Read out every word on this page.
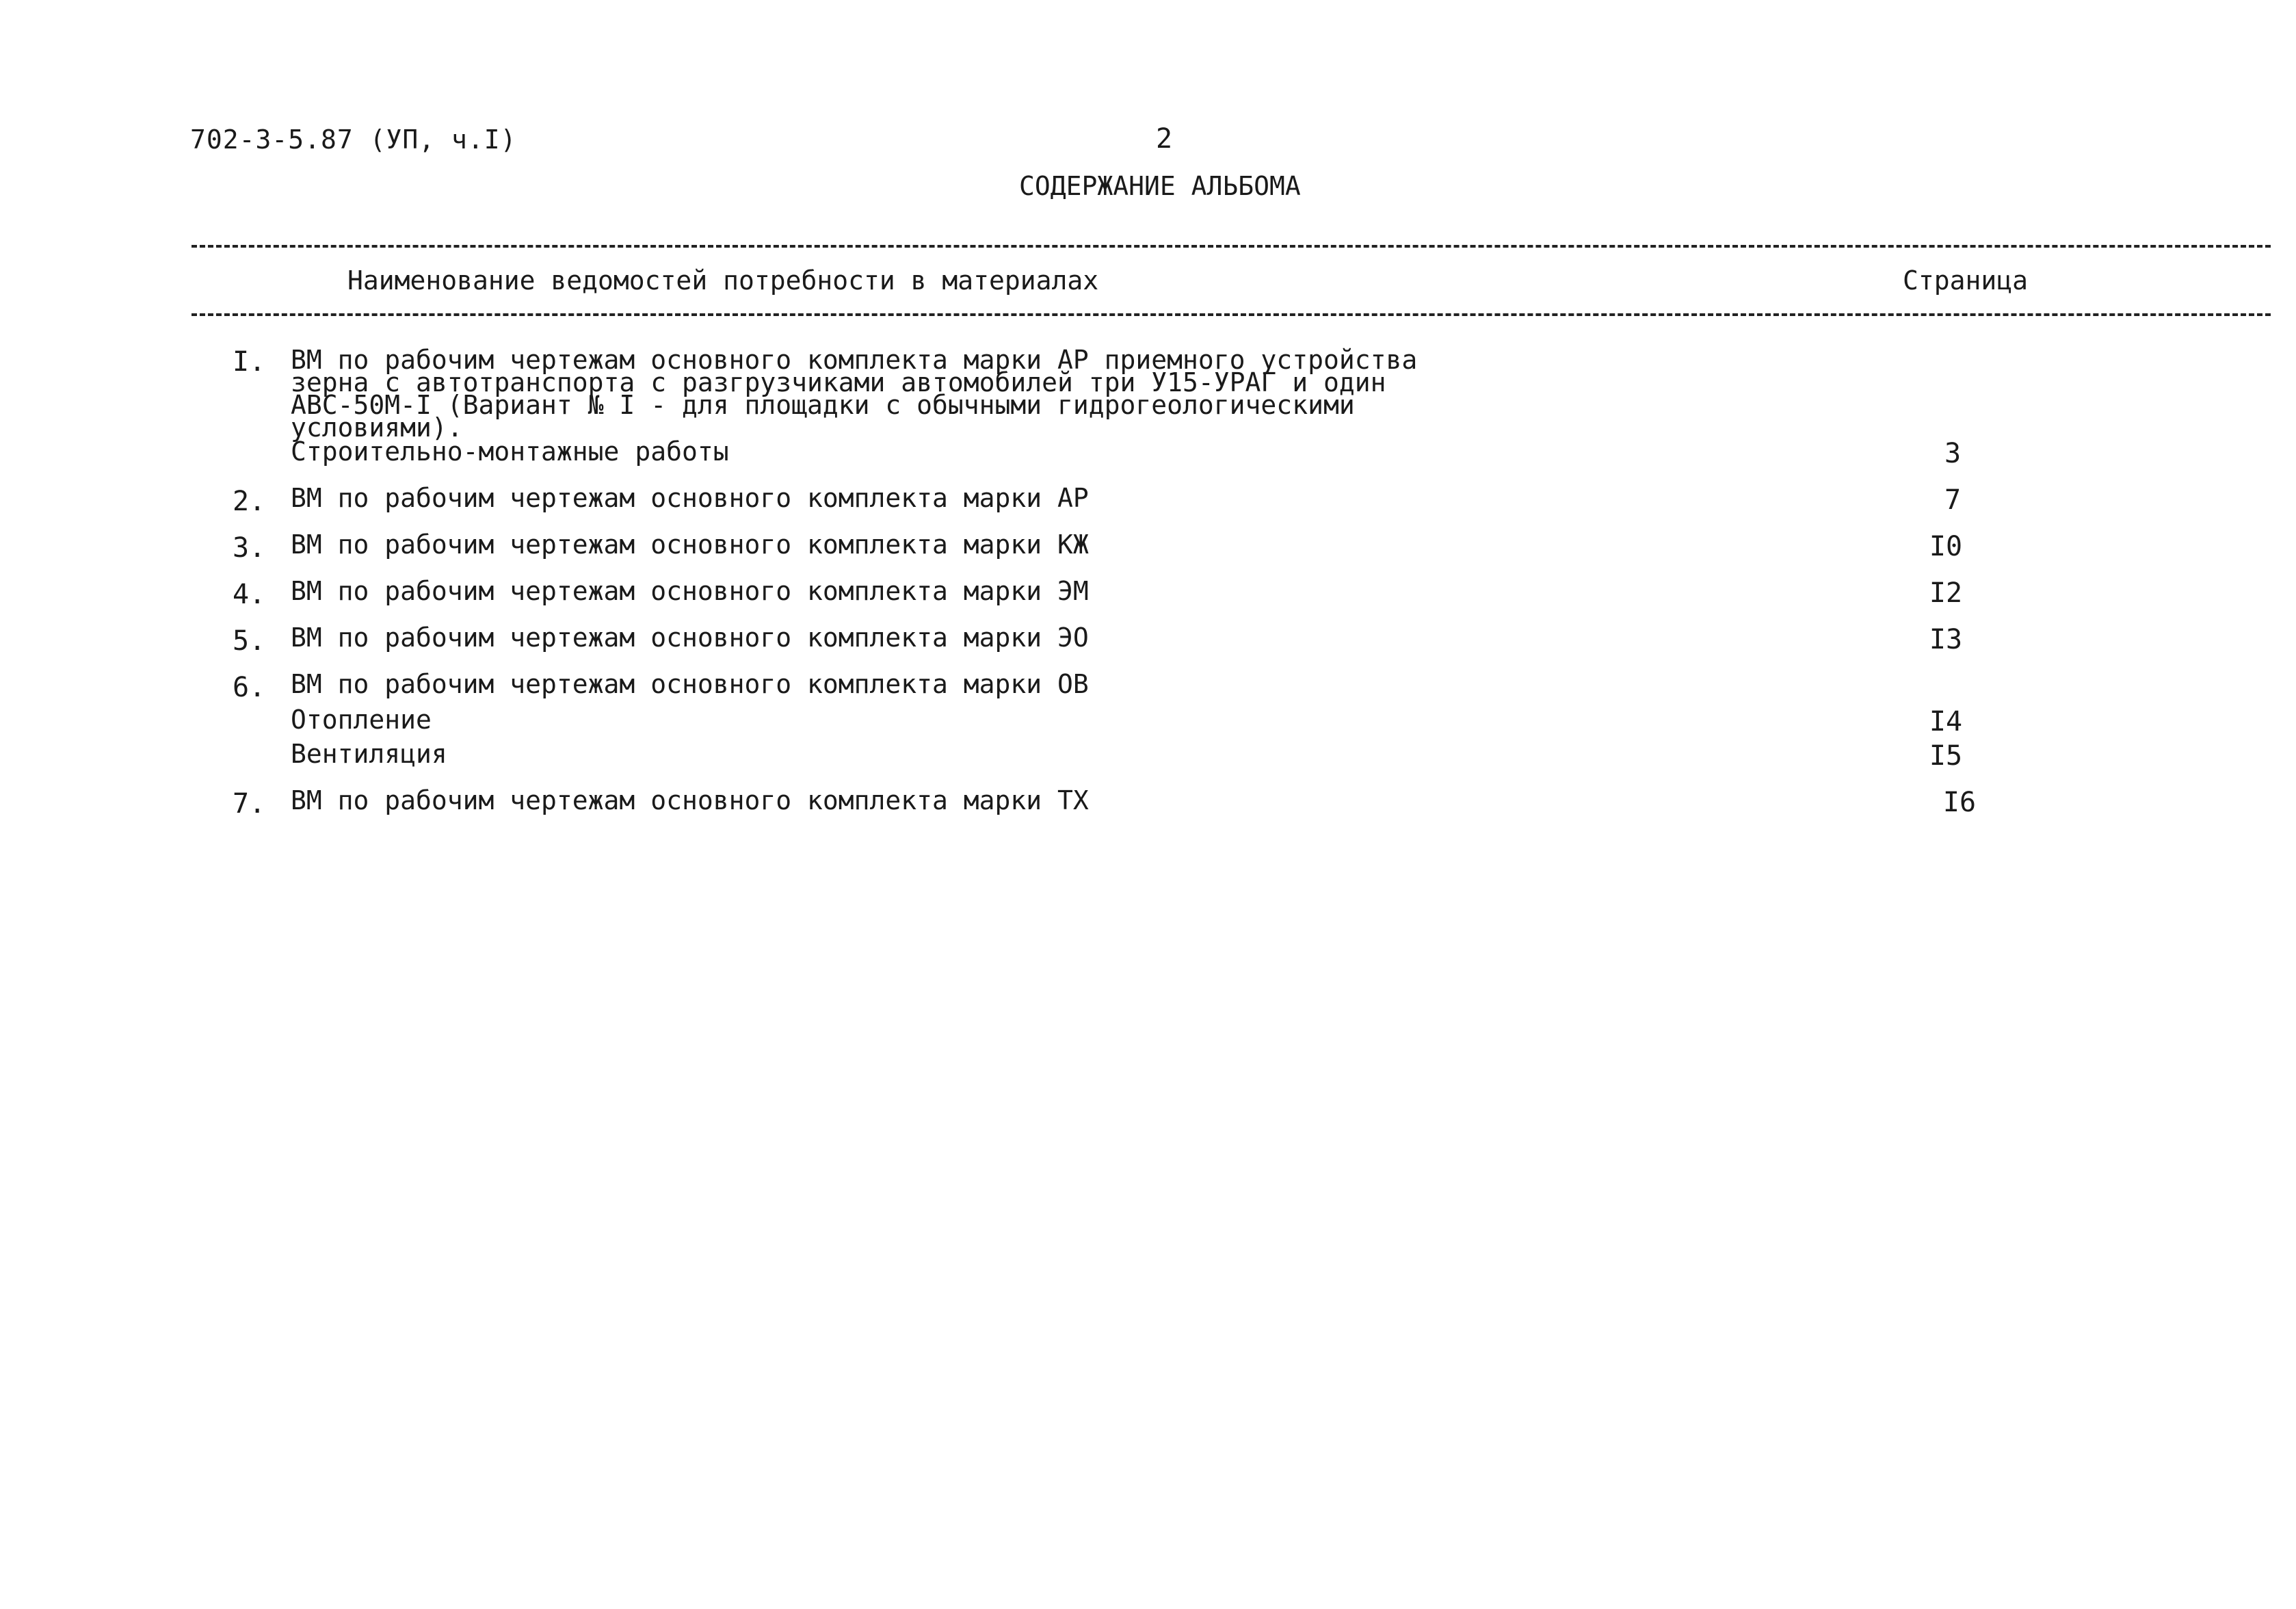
702-3-5.87 (УП, ч.I)	2
СОДЕРЖАНИЕ АЛЬБОМА
Наименование ведомостей потребности в материалах	Страница
I. ВМ по рабочим чертежам основного комплекта марки АР приемного устройства
зерна с автотранспорта с разгрузчиками автомобилей три У15-УРАГ и один
АВС-50М-I (Вариант № I - для площадки с обычными гидрогеологическими
условиями).
Строительно-монтажные работы	3
2. ВМ по рабочим чертежам основного комплекта марки АР	7
3. ВМ по рабочим чертежам основного комплекта марки КЖ	I0
4. ВМ по рабочим чертежам основного комплекта марки ЭМ	I2
5. ВМ по рабочим чертежам основного комплекта марки ЭО	I3
6. ВМ по рабочим чертежам основного комплекта марки ОВ
Отопление	I4
Вентиляция	I5
7. ВМ по рабочим чертежам основного комплекта марки ТХ	I6
